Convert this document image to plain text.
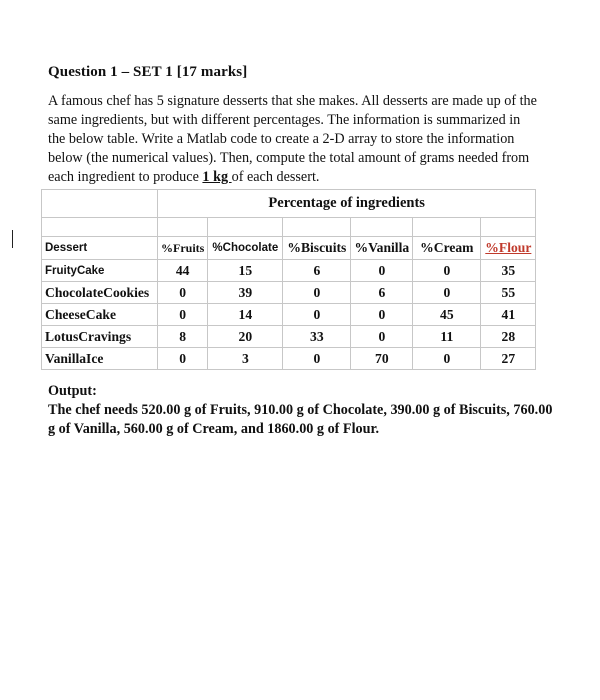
Question 1 – SET 1 [17 marks]

A famous chef has 5 signature desserts that she makes. All desserts are made up of the same ingredients, but with different percentages. The information is summarized in the below table. Write a Matlab code to create a 2-D array to store the information below (the numerical values). Then, compute the total amount of grams needed from each ingredient to produce 1 kg of each dessert.

	Percentage of ingredients					

Dessert	%Fruits	%Chocolate	%Biscuits	%Vanilla	%Cream	%Flour
FruityCake	44	15	6	0	0	35
ChocolateCookies	0	39	0	6	0	55
CheeseCake	0	14	0	0	45	41
LotusCravings	8	20	33	0	11	28
VanillaIce	0	3	0	70	0	27
Output:
The chef needs 520.00 g of Fruits, 910.00 g of Chocolate, 390.00 g of Biscuits, 760.00 g of Vanilla, 560.00 g of Cream, and 1860.00 g of Flour.
